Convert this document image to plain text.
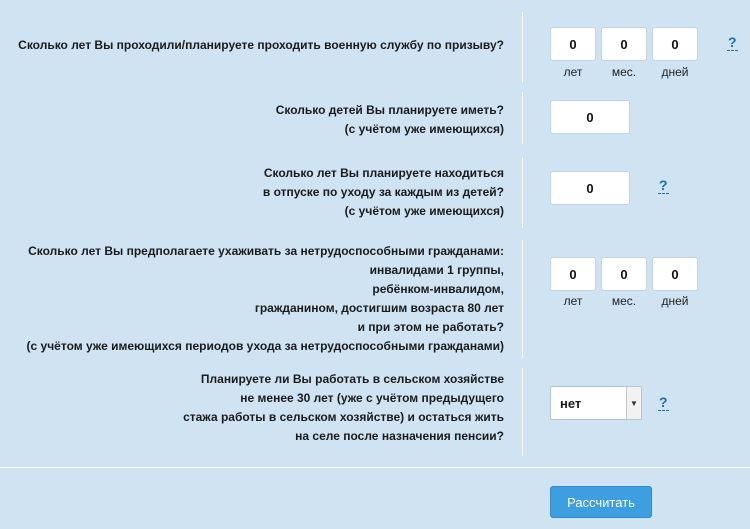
Сколько лет Вы проходили/планируете проходить военную службу по призыву?	0	0	0
лет	мес.	дней
?
Сколько детей Вы планируете иметь?
(с учётом уже имеющихся)
0
Сколько лет Вы планируете находиться
в отпуске по уходу за каждым из детей?
(с учётом уже имеющихся)
0	?
Сколько лет Вы предполагаете ухаживать за нетрудоспособными гражданами:
инвалидами 1 группы,
ребёнком-инвалидом,
гражданином, достигшим возраста 80 лет
и при этом не работать?
(с учётом уже имеющихся периодов ухода за нетрудоспособными гражданами)
0	0	0
лет	мес.	дней
Планируете ли Вы работать в сельском хозяйстве
не менее 30 лет (уже с учётом предыдущего
стажа работы в сельском хозяйстве) и остаться жить
на селе после назначения пенсии?
нет	▼ ?
Рассчитать
